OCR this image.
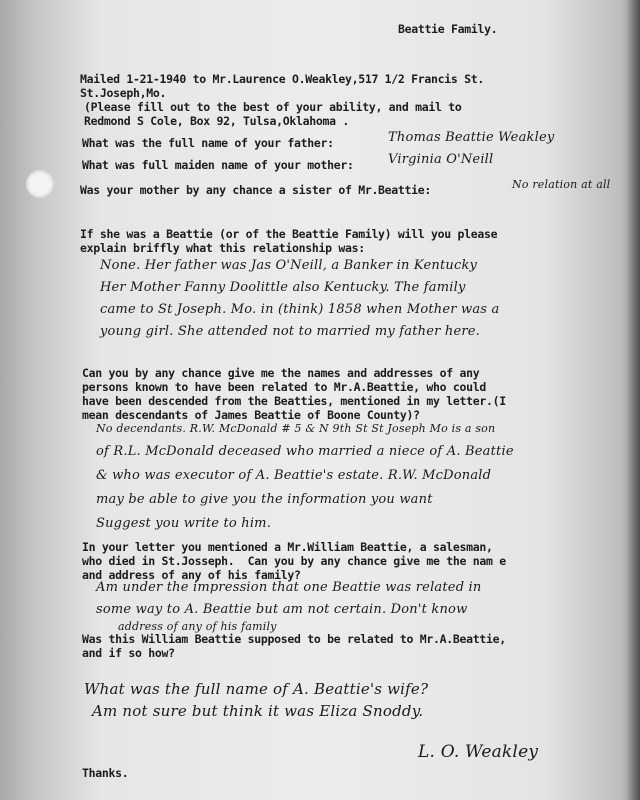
Beattie Family.
Mailed 1-21-1940 to Mr.Laurence O.Weakley,517 1/2 Francis St.
St.Joseph,Mo.
(Please fill out to the best of your ability, and mail to
Redmond S Cole, Box 92, Tulsa,Oklahoma .
What was the full name of your father:	Thomas Beattie Weakley
What was full maiden name of your mother:	Virginia O'Neill
Was your mother by any chance a sister of Mr.Beattie:	No relation at all
If she was a Beattie (or of the Beattie Family) will you please
explain briffly what this relationship was:
None. Her father was Jas O'Neill, a Banker in Kentucky
Her Mother Fanny Doolittle also Kentucky. The family
came to St Joseph. Mo. in (think) 1858 when Mother was a
young girl. She attended not to married my father here.
Can you by any chance give me the names and addresses of any
persons known to have been related to Mr.A.Beattie, who could
have been descended from the Beatties, mentioned in my letter.(I
mean descendants of James Beattie of Boone County)?
No decendants. R.W. McDonald # 5 & N 9th St St Joseph Mo is a son
of R.L. McDonald deceased who married a niece of A. Beattie
& who was executor of A. Beattie's estate. R.W. McDonald
may be able to give you the information you want
Suggest you write to him.
In your letter you mentioned a Mr.William Beattie, a salesman,
who died in St.Josseph.  Can you by any chance give me the nam e
and address of any of his family?
Am under the impression that one Beattie was related in
some way to A. Beattie but am not certain. Don't know
address of any of his family
Was this William Beattie supposed to be related to Mr.A.Beattie,
and if so how?
What was the full name of A. Beattie's wife?
Am not sure but think it was Eliza Snoddy.
L. O. Weakley
Thanks.
